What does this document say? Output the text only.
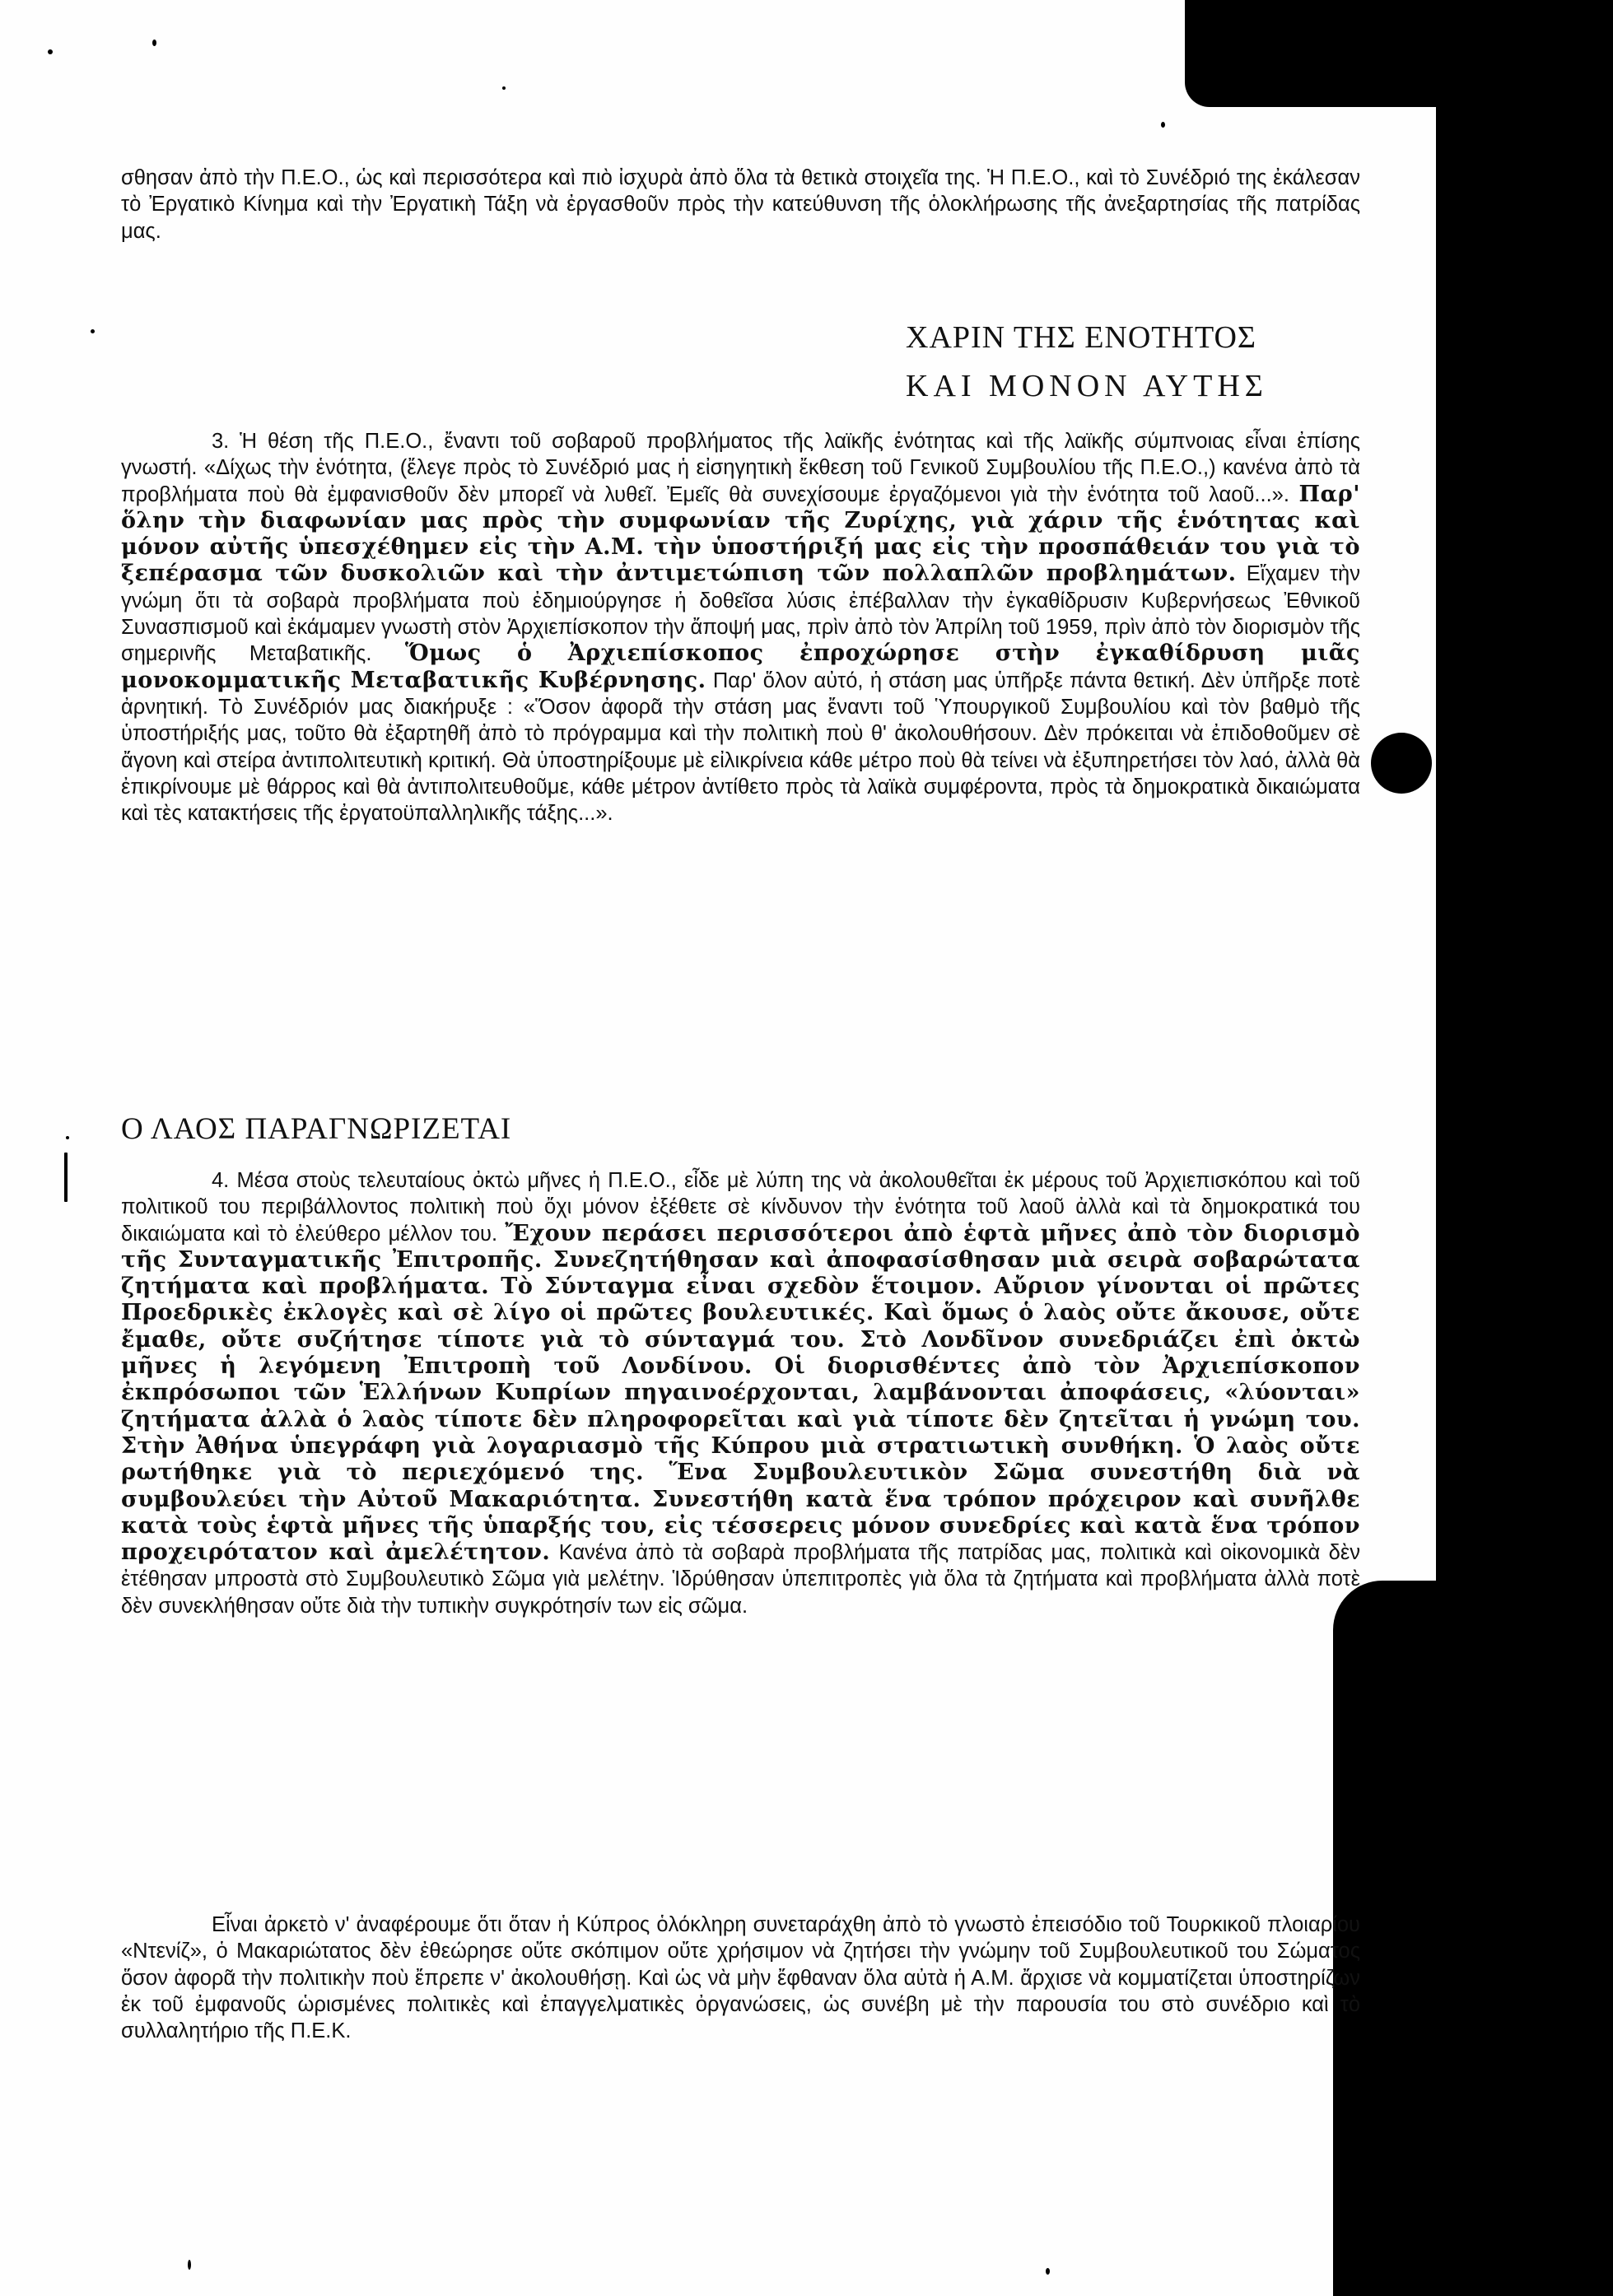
σθησαν ἀπὸ τὴν Π.Ε.Ο., ὡς καὶ περισσότερα καὶ πιὸ ἰσχυρὰ ἀπὸ ὅλα τὰ θετικὰ στοιχεῖα της. Ἡ Π.Ε.Ο., καὶ τὸ Συνέδριό της ἐκάλεσαν τὸ Ἐργατικὸ Κίνημα καὶ τὴν Ἐργατικὴ Τάξη νὰ ἐργασθοῦν πρὸς τὴν κατεύθυνση τῆς ὁλοκλήρωσης τῆς ἀνεξαρτησίας τῆς πατρίδας μας.
ΧΑΡΙΝ ΤΗΣ ΕΝΟΤΗΤΟΣ
ΚΑΙ ΜΟΝΟΝ ΑΥΤΗΣ
3. Ἡ θέση τῆς Π.Ε.Ο., ἔναντι τοῦ σοβαροῦ προβλήματος τῆς λαϊκῆς ἑνότητας καὶ τῆς λαϊκῆς σύμπνοιας εἶναι ἐπίσης γνωστή. «Δίχως τὴν ἑνότητα, (ἔλεγε πρὸς τὸ Συνέδριό μας ἡ εἰσηγητικὴ ἔκθεση τοῦ Γενικοῦ Συμβουλίου τῆς Π.Ε.Ο.,) κανένα ἀπὸ τὰ προβλήματα ποὺ θὰ ἐμφανισθοῦν δὲν μπορεῖ νὰ λυθεῖ. Ἐμεῖς θὰ συνεχίσουμε ἐργαζόμενοι γιὰ τὴν ἑνότητα τοῦ λαοῦ...». Παρ' ὅλην τὴν διαφωνίαν μας πρὸς τὴν συμφωνίαν τῆς Ζυρίχης, γιὰ χάριν τῆς ἑνότητας καὶ μόνον αὐτῆς ὑπεσχέθημεν εἰς τὴν Α.Μ. τὴν ὑποστήριξή μας εἰς τὴν προσπάθειάν του γιὰ τὸ ξεπέρασμα τῶν δυσκολιῶν καὶ τὴν ἀντιμετώπιση τῶν πολλαπλῶν προβλημάτων. Εἴχαμεν τὴν γνώμη ὅτι τὰ σοβαρὰ προβλήματα ποὺ ἐδημιούργησε ἡ δοθεῖσα λύσις ἐπέβαλλαν τὴν ἐγκαθίδρυσιν Κυβερνήσεως Ἐθνικοῦ Συνασπισμοῦ καὶ ἐκάμαμεν γνωστὴ στὸν Ἀρχιεπίσκοπον τὴν ἄποψή μας, πρὶν ἀπὸ τὸν Ἀπρίλη τοῦ 1959, πρὶν ἀπὸ τὸν διορισμὸν τῆς σημερινῆς Μεταβατικῆς. Ὅμως ὁ Ἀρχιεπίσκοπος ἐπροχώρησε στὴν ἐγκαθίδρυση μιᾶς μονοκομματικῆς Μεταβατικῆς Κυβέρνησης. Παρ' ὅλον αὐτό, ἡ στάση μας ὑπῆρξε πάντα θετική. Δὲν ὑπῆρξε ποτὲ ἀρνητική. Τὸ Συνέδριόν μας διακήρυξε : «Ὅσον ἀφορᾶ τὴν στάση μας ἔναντι τοῦ Ὑπουργικοῦ Συμβουλίου καὶ τὸν βαθμὸ τῆς ὑποστήριξής μας, τοῦτο θὰ ἐξαρτηθῆ ἀπὸ τὸ πρόγραμμα καὶ τὴν πολιτικὴ ποὺ θ' ἀκολουθήσουν. Δὲν πρόκειται νὰ ἐπιδοθοῦμεν σὲ ἄγονη καὶ στείρα ἀντιπολιτευτικὴ κριτική. Θὰ ὑποστηρίξουμε μὲ εἰλικρίνεια κάθε μέτρο ποὺ θὰ τείνει νὰ ἐξυπηρετήσει τὸν λαό, ἀλλὰ θὰ ἐπικρίνουμε μὲ θάρρος καὶ θὰ ἀντιπολιτευθοῦμε, κάθε μέτρον ἀντίθετο πρὸς τὰ λαϊκὰ συμφέροντα, πρὸς τὰ δημοκρατικὰ δικαιώματα καὶ τὲς κατακτήσεις τῆς ἐργατοϋπαλληλικῆς τάξης...».
Ο ΛΑΟΣ ΠΑΡΑΓΝΩΡΙΖΕΤΑΙ
4. Μέσα στοὺς τελευταίους ὀκτὼ μῆνες ἡ Π.Ε.Ο., εἶδε μὲ λύπη της νὰ ἀκολουθεῖται ἐκ μέρους τοῦ Ἀρχιεπισκόπου καὶ τοῦ πολιτικοῦ του περιβάλλοντος πολιτικὴ ποὺ ὄχι μόνον ἐξέθετε σὲ κίνδυνον τὴν ἑνότητα τοῦ λαοῦ ἀλλὰ καὶ τὰ δημοκρατικά του δικαιώματα καὶ τὸ ἐλεύθερο μέλλον του. Ἔχουν περάσει περισσότεροι ἀπὸ ἑφτὰ μῆνες ἀπὸ τὸν διορισμὸ τῆς Συνταγματικῆς Ἐπιτροπῆς. Συνεζητήθησαν καὶ ἀποφασίσθησαν μιὰ σειρὰ σοβαρώτατα ζητήματα καὶ προβλήματα. Τὸ Σύνταγμα εἶναι σχεδὸν ἕτοιμον. Αὔριον γίνονται οἱ πρῶτες Προεδρικὲς ἐκλογὲς καὶ σὲ λίγο οἱ πρῶτες βουλευτικές. Καὶ ὅμως ὁ λαὸς οὔτε ἄκουσε, οὔτε ἔμαθε, οὔτε συζήτησε τίποτε γιὰ τὸ σύνταγμά του. Στὸ Λονδῖνον συνεδριάζει ἐπὶ ὀκτὼ μῆνες ἡ λεγόμενη Ἐπιτροπὴ τοῦ Λονδίνου. Οἱ διορισθέντες ἀπὸ τὸν Ἀρχιεπίσκοπον ἐκπρόσωποι τῶν Ἑλλήνων Κυπρίων πηγαινοέρχονται, λαμβάνονται ἀποφάσεις, «λύονται» ζητήματα ἀλλὰ ὁ λαὸς τίποτε δὲν πληροφορεῖται καὶ γιὰ τίποτε δὲν ζητεῖται ἡ γνώμη του. Στὴν Ἀθήνα ὑπεγράφη γιὰ λογαριασμὸ τῆς Κύπρου μιὰ στρατιωτικὴ συνθήκη. Ὁ λαὸς οὔτε ρωτήθηκε γιὰ τὸ περιεχόμενό της. Ἕνα Συμβουλευτικὸν Σῶμα συνεστήθη διὰ νὰ συμβουλεύει τὴν Αὐτοῦ Μακαριότητα. Συνεστήθη κατὰ ἕνα τρόπον πρόχειρον καὶ συνῆλθε κατὰ τοὺς ἑφτὰ μῆνες τῆς ὑπαρξής του, εἰς τέσσερεις μόνον συνεδρίες καὶ κατὰ ἕνα τρόπον προχειρότατον καὶ ἀμελέτητον. Κανένα ἀπὸ τὰ σοβαρὰ προβλήματα τῆς πατρίδας μας, πολιτικὰ καὶ οἰκονομικὰ δὲν ἐτέθησαν μπροστὰ στὸ Συμβουλευτικὸ Σῶμα γιὰ μελέτην. Ἱδρύθησαν ὑπεπιτροπὲς γιὰ ὅλα τὰ ζητήματα καὶ προβλήματα ἀλλὰ ποτὲ δὲν συνεκλήθησαν οὔτε διὰ τὴν τυπικὴν συγκρότησίν των εἰς σῶμα.
Εἶναι ἀρκετὸ ν' ἀναφέρουμε ὅτι ὅταν ἡ Κύπρος ὁλόκληρη συνεταράχθη ἀπὸ τὸ γνωστὸ ἐπεισόδιο τοῦ Τουρκικοῦ πλοιαρίου «Ντενίζ», ὁ Μακαριώτατος δὲν ἐθεώρησε οὔτε σκόπιμον οὔτε χρήσιμον νὰ ζητήσει τὴν γνώμην τοῦ Συμβουλευτικοῦ του Σώματος ὅσον ἀφορᾶ τὴν πολιτικὴν ποὺ ἔπρεπε ν' ἀκολουθήσῃ. Καὶ ὡς νὰ μὴν ἔφθαναν ὅλα αὐτὰ ἡ Α.Μ. ἄρχισε νὰ κομματίζεται ὑποστηρίζων ἐκ τοῦ ἐμφανοῦς ὡρισμένες πολιτικὲς καὶ ἐπαγγελματικὲς ὀργανώσεις, ὡς συνέβη μὲ τὴν παρουσία του στὸ συνέδριο καὶ τὸ συλλαλητήριο τῆς Π.Ε.Κ.
